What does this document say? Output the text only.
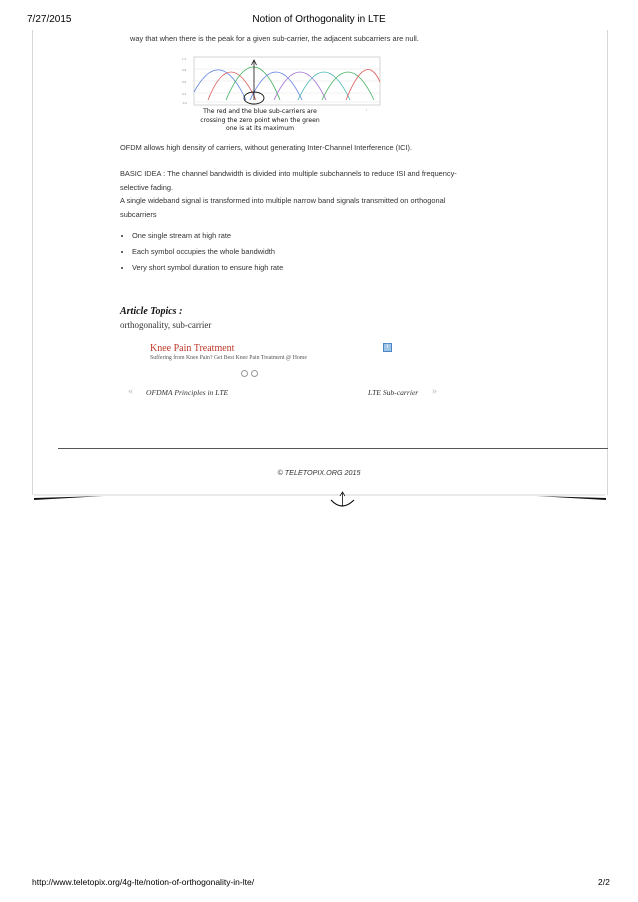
7/27/2015	Notion of Orthogonality in LTE
way that when there is the peak for a given sub-carrier, the adjacent subcarriers are null.
1.2
0.8
0.6
0.2
-0.2
f
The red and the blue sub-carriers are
crossing the zero point when the green
one is at its maximum
OFDM allows high density of carriers, without generating Inter-Channel Interference (ICI).
BASIC IDEA : The channel bandwidth is divided into multiple subchannels to reduce ISI and frequency-
selective fading.
A single wideband signal is transformed into multiple narrow band signals transmitted on orthogonal
subcarriers
• One single stream at high rate
• Each symbol occupies the whole bandwidth
• Very short symbol duration to ensure high rate
Article Topics :
orthogonality, sub-carrier
Knee Pain Treatment
Suffering from Knee Pain? Get Best Knee Pain Treatment @ Home
i
« OFDMA Principles in LTE	LTE Sub-carrier »
© TELETOPIX.ORG 2015
http://www.teletopix.org/4g-lte/notion-of-orthogonality-in-lte/	2/2
